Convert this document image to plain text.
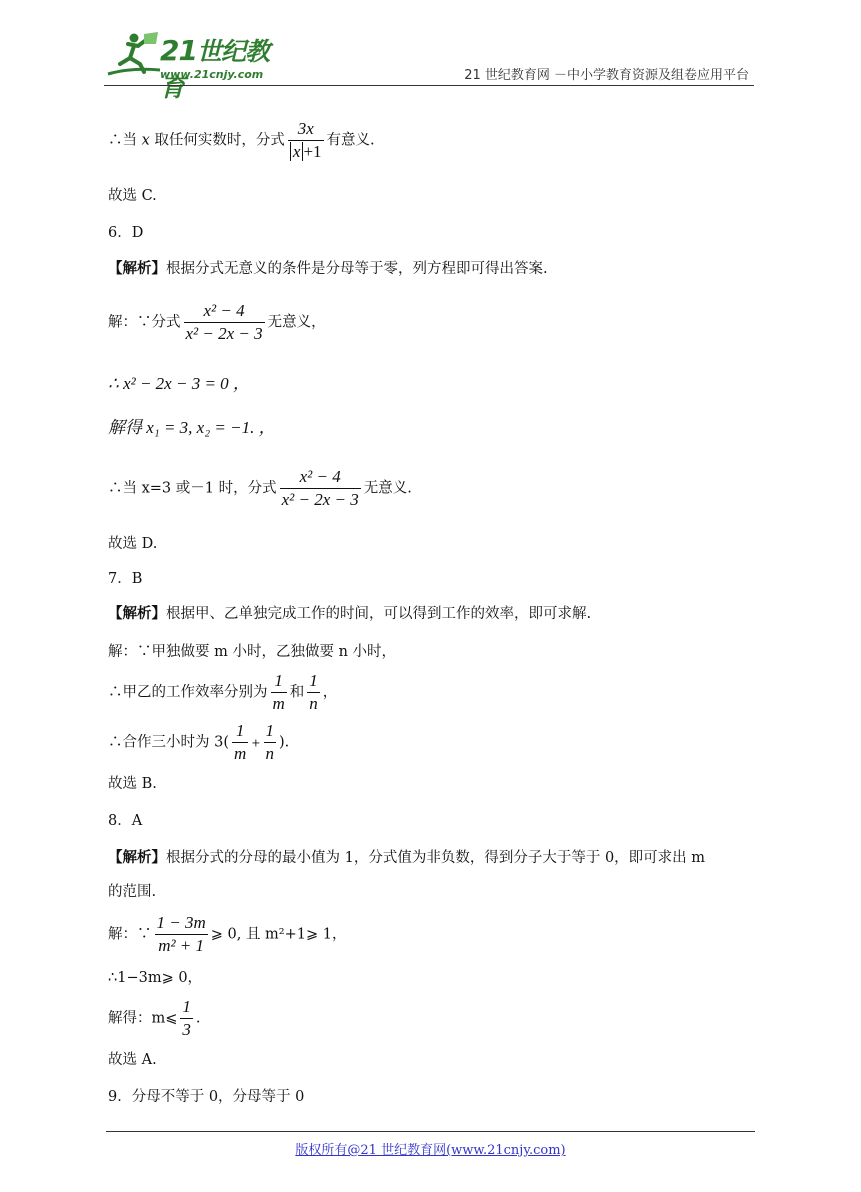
21世纪教育
www.21cnjy.com	21 世纪教育网 －中小学教育资源及组卷应用平台
∴当 x 取任何实数时，分式 $\frac{3x}{x +1}$ 有意义.
故选 C.
6．D
【解析】根据分式无意义的条件是分母等于零，列方程即可得出答案.
解：∵分式 $\frac{\text{x² − 4}}{\text{x² − 2x − 3}}$ 无意义，
∴ x² − 2x − 3 = 0 ，
解得 x₁ = 3, x₂ = −1. ，
∴当 x=3 或－1 时，分式 $\frac{\text{x² − 4}}{\text{x² − 2x − 3}}$ 无意义.
故选 D.
7．B
【解析】根据甲、乙单独完成工作的时间，可以得到工作的效率，即可求解.
解：∵甲独做要 m 小时，乙独做要 n 小时，
∴甲乙的工作效率分别为 $\frac{1}{m}$ 和 $\frac{1}{n}$ ，
∴合作三小时为 $3( \frac{1}{m} + \frac{1}{n}$ ).
故选 B.
8．A
【解析】根据分式的分母的最小值为 1，分式值为非负数，得到分子大于等于 0，即可求出 m
的范围.
解：∵ $\frac{1 - 3m}{\text{m² + 1}}$ ⩾ 0, 且 m²+1⩾ 1，
∴1−3m⩾ 0，
解得：m⩽ $\frac{1}{3}$ .
故选 A.
9．分母不等于 0，分母等于 0
版权所有@21 世纪教育网(www.21cnjy.com)
